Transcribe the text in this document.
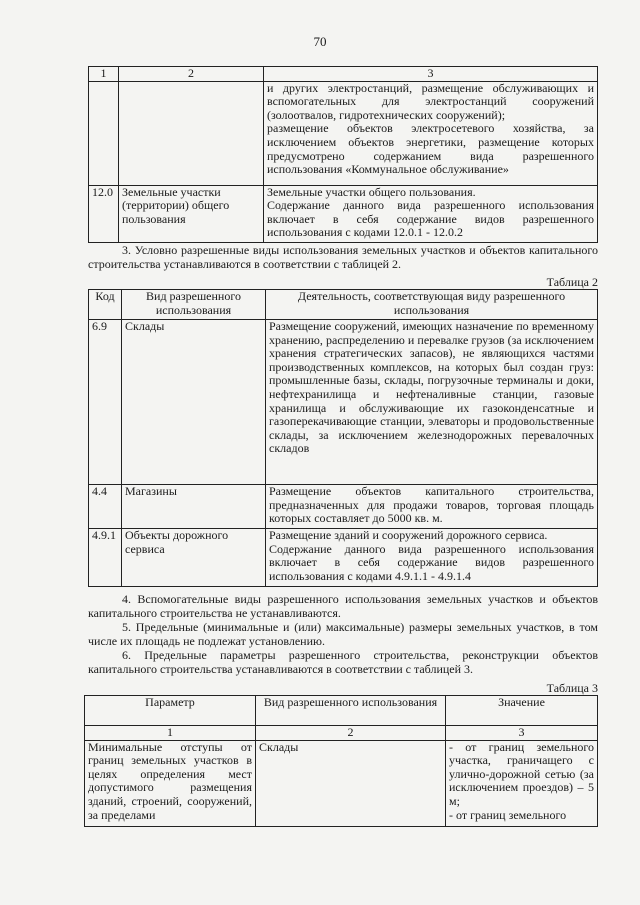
70
1	2	3

		и других электростанций, размещение обслуживающих и вспомогательных для электростанций сооружений (золоотвалов, гидротехнических сооружений);

размещение объектов электросетевого хозяйства, за исключением объектов энергетики, размещение которых предусмотрено содержанием вида разрешенного использования «Коммунальное обслуживание»

12.0	Земельные участки (территории) общего пользования	Земельные участки общего пользования.

Содержание данного вида разрешенного использования включает в себя содержание видов разрешенного использования с кодами 12.0.1 - 12.0.2

3. Условно разрешенные виды использования земельных участков и объектов капитального строительства устанавливаются в соответствии с таблицей 2.
Таблица 2
Код	Вид разрешенного использования	Деятельность, соответствующая виду разрешенного использования
6.9	Склады	Размещение сооружений, имеющих назначение по временному хранению, распределению и перевалке грузов (за исключением хранения стратегических запасов), не являющихся частями производственных комплексов, на которых был создан груз: промышленные базы, склады, погрузочные терминалы и доки, нефтехранилища и нефтеналивные станции, газовые хранилища и обслуживающие их газоконденсатные и газоперекачивающие станции, элеваторы и продовольственные склады, за исключением железнодорожных перевалочных складов

4.4	Магазины	Размещение объектов капитального строительства, предназначенных для продажи товаров, торговая площадь которых составляет до 5000 кв. м.

4.9.1	Объекты дорожного сервиса	Размещение зданий и сооружений дорожного сервиса.

Содержание данного вида разрешенного использования включает в себя содержание видов разрешенного использования с кодами 4.9.1.1 - 4.9.1.4

4. Вспомогательные виды разрешенного использования земельных участков и объектов капитального строительства не устанавливаются.
5. Предельные (минимальные и (или) максимальные) размеры земельных участков, в том числе их площадь не подлежат установлению.
6. Предельные параметры разрешенного строительства, реконструкции объектов капитального строительства устанавливаются в соответствии с таблицей 3.
Таблица 3
Параметр	Вид разрешенного использования	Значение
1	2	3
Минимальные отступы от границ земельных участков в целях определения мест допустимого размещения зданий, строений, сооружений, за пределами	Склады	- от границ земельного участка, граничащего с улично-дорожной сетью (за исключением проездов) – 5 м;

- от границ земельного
